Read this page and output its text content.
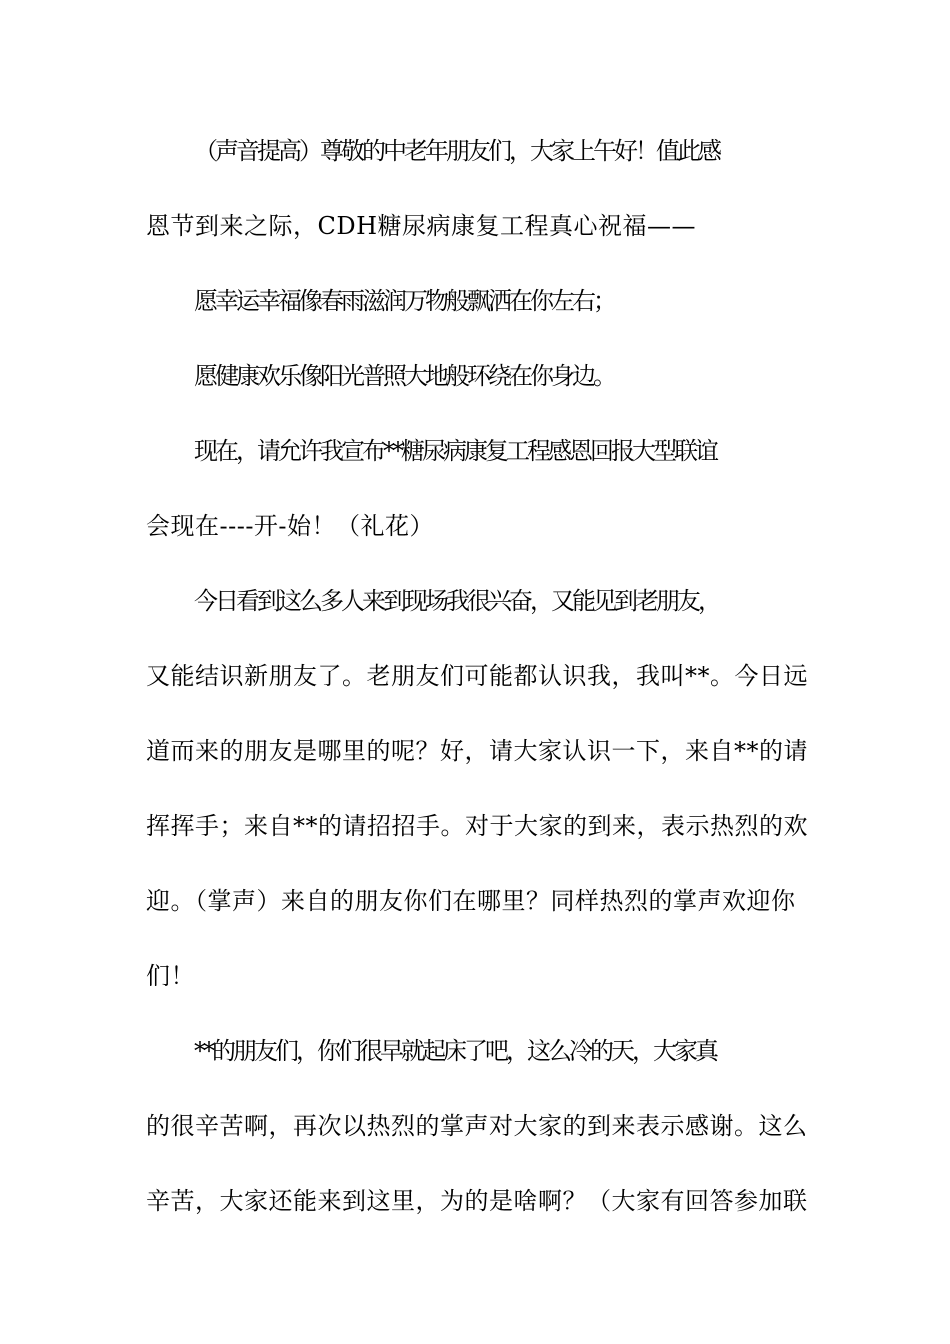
（声音提高）尊敬的中老年朋友们，大家上午好！值此感
恩节到来之际，CDH糖尿病康复工程真心祝福——
愿幸运幸福像春雨滋润万物般飘洒在你左右；
愿健康欢乐像阳光普照大地般环绕在你身边。
现在，请允许我宣布**糖尿病康复工程感恩回报大型联谊
会现在----开-始！（礼花）
今日看到这么多人来到现场我很兴奋，又能见到老朋友，
又能结识新朋友了。老朋友们可能都认识我，我叫**。今日远
道而来的朋友是哪里的呢？好，请大家认识一下，来自**的请
挥挥手；来自**的请招招手。对于大家的到来，表示热烈的欢
迎。（掌声）来自的朋友你们在哪里？同样热烈的掌声欢迎你
们！
**的朋友们，你们很早就起床了吧，这么冷的天，大家真
的很辛苦啊，再次以热烈的掌声对大家的到来表示感谢。这么
辛苦，大家还能来到这里，为的是啥啊？（大家有回答参加联
